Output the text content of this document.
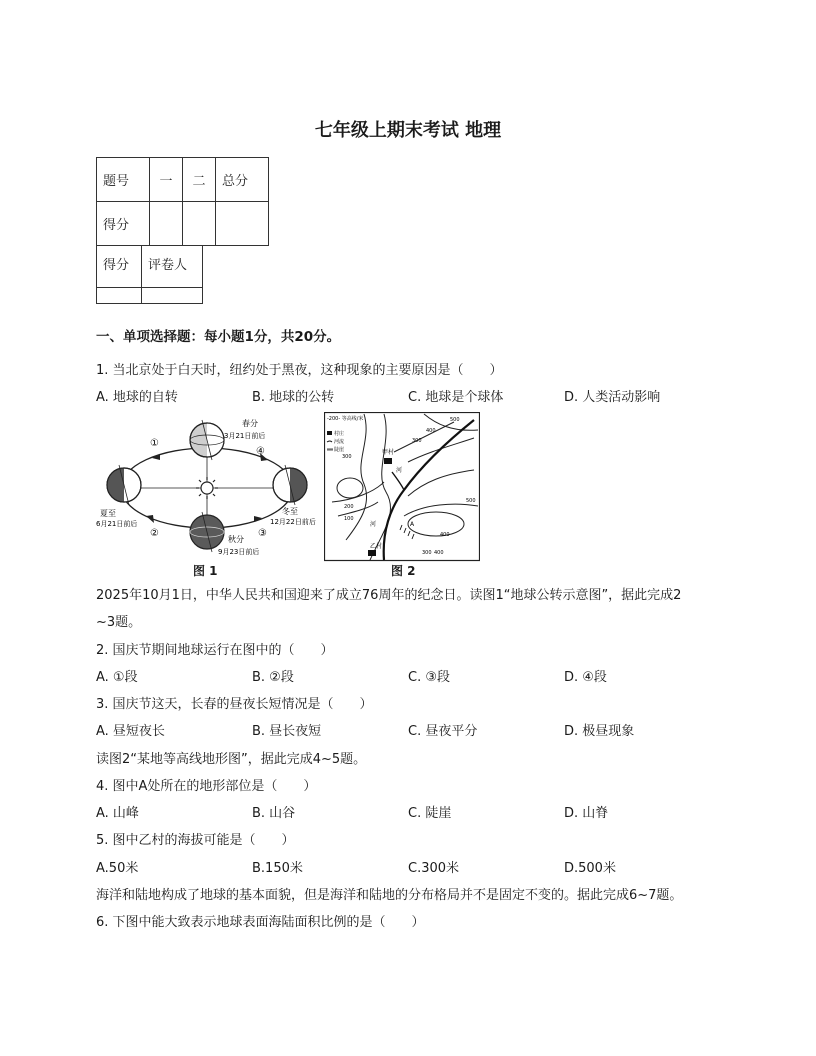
七年级上期末考试 地理
题号	一	二	总分
得分			
得分	评卷人

一、单项选择题：每小题1分，共20分。
1. 当北京处于白天时，纽约处于黑夜，这种现象的主要原因是（　　）
A. 地球的自转	B. 地球的公转	C. 地球是个球体	D. 人类活动影响
春分
3月21日前后
夏至
6月21日前后
秋分
9月23日前后
冬至
12月22日前后
①
②	③
④
图 1
-200- 等高线/米
村庄
河流
陡崖	甲村
乙村
河
河	A
500
400
300
200
100
300
400
500
300 400
图 2
2025年10月1日，中华人民共和国迎来了成立76周年的纪念日。读图1“地球公转示意图”，据此完成2
~3题。
2. 国庆节期间地球运行在图中的（　　）
A. ①段	B. ②段	C. ③段	D. ④段
3. 国庆节这天，长春的昼夜长短情况是（　　）
A. 昼短夜长	B. 昼长夜短	C. 昼夜平分	D. 极昼现象
读图2“某地等高线地形图”，据此完成4~5题。
4. 图中A处所在的地形部位是（　　）
A. 山峰	B. 山谷	C. 陡崖	D. 山脊
5. 图中乙村的海拔可能是（　　）
A.50米	B.150米	C.300米	D.500米
海洋和陆地构成了地球的基本面貌，但是海洋和陆地的分布格局并不是固定不变的。据此完成6~7题。
6. 下图中能大致表示地球表面海陆面积比例的是（　　）
